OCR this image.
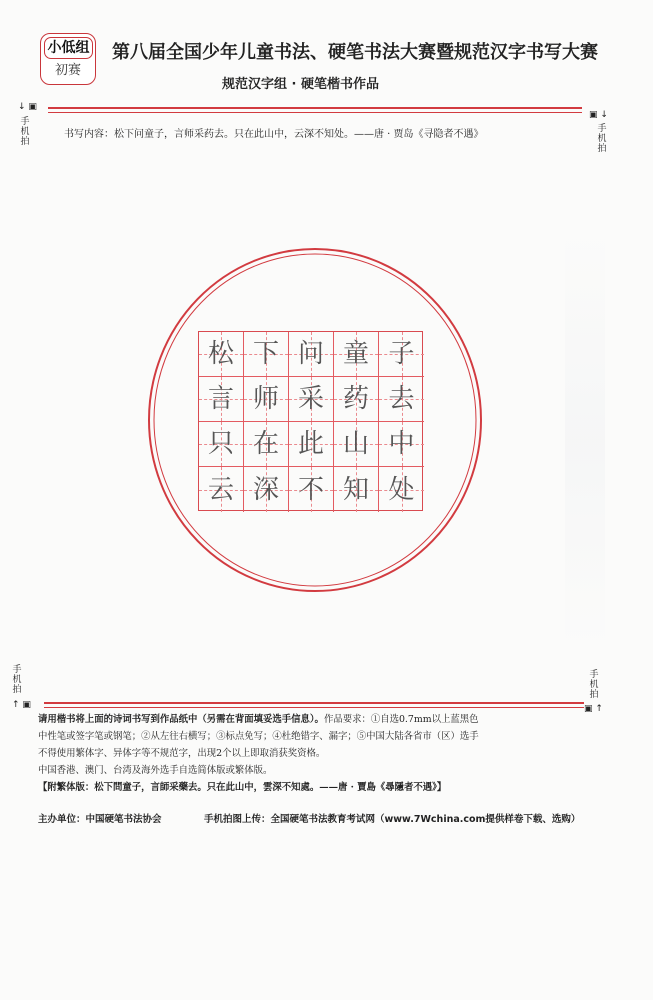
小低组
初赛
第八届全国少年儿童书法、硬笔书法大赛暨规范汉字书写大赛
规范汉字组 · 硬笔楷书作品
↓ ▣
手机拍
▣ ↓
手机拍
书写内容：松下问童子，言师采药去。只在此山中，云深不知处。——唐 · 贾岛《寻隐者不遇》
松 下 问 童 子
言 师 采 药 去
只 在 此 山 中
云 深 不 知 处
手机拍
↑ ▣
手机拍
▣ ↑
请用楷书将上面的诗词书写到作品纸中（另需在背面填妥选手信息）。作品要求：①自选0.7mm以上蓝黑色
中性笔或签字笔或钢笔；②从左往右横写；③标点免写；④杜绝错字、漏字；⑤中国大陆各省市（区）选手
不得使用繁体字、异体字等不规范字，出现2个以上即取消获奖资格。
中国香港、澳门、台湾及海外选手自选简体版或繁体版。
【附繁体版：松下問童子，言師采藥去。只在此山中，雲深不知處。——唐 · 賈島《尋隱者不遇》】
主办单位：中国硬笔书法协会	手机拍图上传：全国硬笔书法教育考试网（www.7Wchina.com提供样卷下载、选购）
